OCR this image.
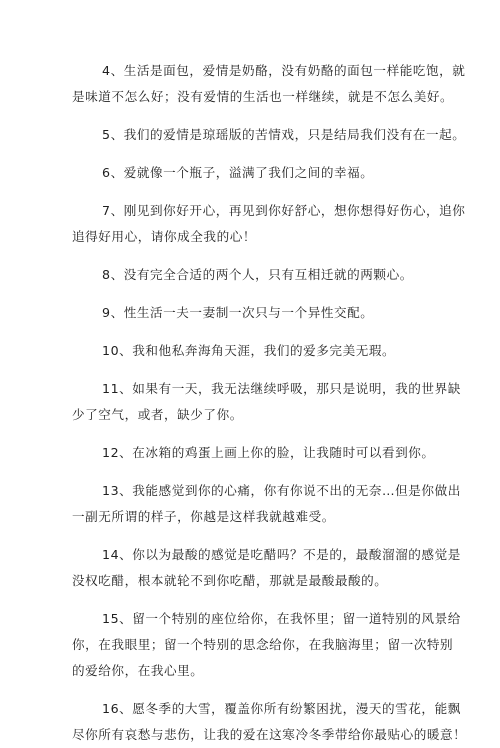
4、生活是面包，爱情是奶酪，没有奶酪的面包一样能吃饱，就
是味道不怎么好；没有爱情的生活也一样继续，就是不怎么美好。
5、我们的爱情是琼瑶版的苦情戏，只是结局我们没有在一起。
6、爱就像一个瓶子，溢满了我们之间的幸福。
7、刚见到你好开心，再见到你好舒心，想你想得好伤心，追你
追得好用心，请你成全我的心！
8、没有完全合适的两个人，只有互相迁就的两颗心。
9、性生活一夫一妻制一次只与一个异性交配。
10、我和他私奔海角天涯，我们的爱多完美无瑕。
11、如果有一天，我无法继续呼吸，那只是说明，我的世界缺
少了空气，或者，缺少了你。
12、在冰箱的鸡蛋上画上你的脸，让我随时可以看到你。
13、我能感觉到你的心痛，你有你说不出的无奈…但是你做出
一副无所谓的样子，你越是这样我就越难受。
14、你以为最酸的感觉是吃醋吗？不是的，最酸溜溜的感觉是
没权吃醋，根本就轮不到你吃醋，那就是最酸最酸的。
15、留一个特别的座位给你，在我怀里；留一道特别的风景给
你，在我眼里；留一个特别的思念给你，在我脑海里；留一次特别
的爱给你，在我心里。
16、愿冬季的大雪，覆盖你所有纷繁困扰，漫天的雪花，能飘
尽你所有哀愁与悲伤，让我的爱在这寒冷冬季带给你最贴心的暖意！
